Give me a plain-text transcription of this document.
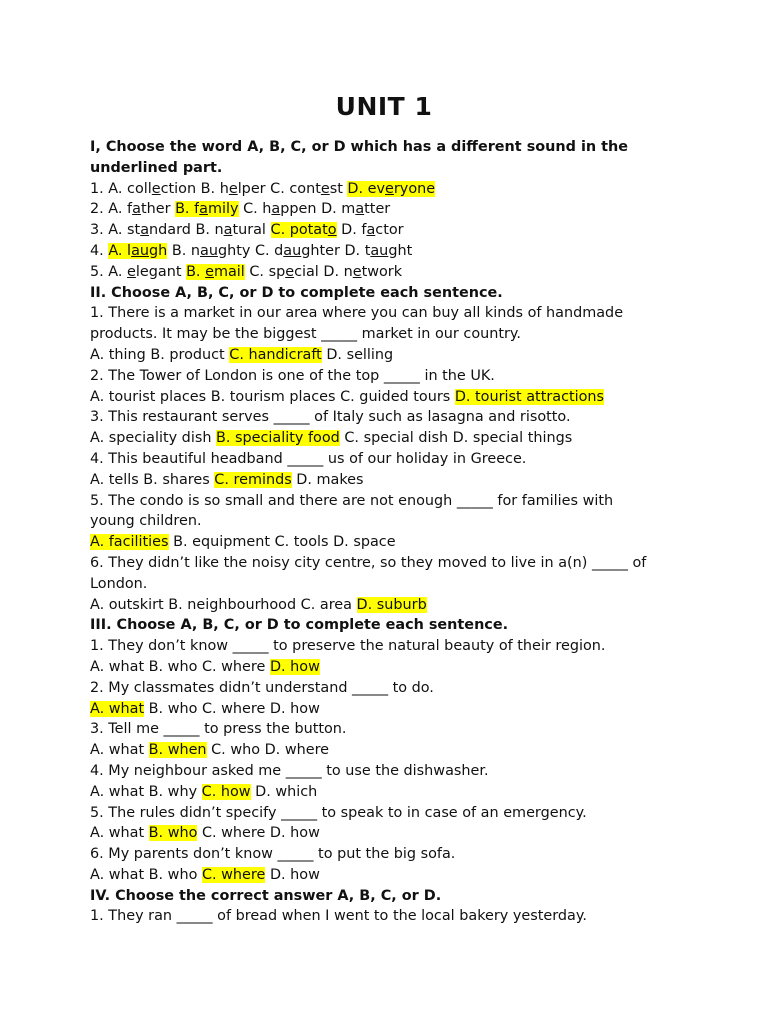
UNIT 1
I, Choose the word A, B, C, or D which has a different sound in the
underlined part.
1. A. collection B. helper C. contest D. everyone
2. A. father B. family C. happen D. matter
3. A. standard B. natural C. potato D. factor
4. A. laugh B. naughty C. daughter D. taught
5. A. elegant B. email C. special D. network
II. Choose A, B, C, or D to complete each sentence.
1. There is a market in our area where you can buy all kinds of handmade
products. It may be the biggest _____ market in our country.
A. thing B. product C. handicraft D. selling
2. The Tower of London is one of the top _____ in the UK.
A. tourist places B. tourism places C. guided tours D. tourist attractions
3. This restaurant serves _____ of Italy such as lasagna and risotto.
A. speciality dish B. speciality food C. special dish D. special things
4. This beautiful headband _____ us of our holiday in Greece.
A. tells B. shares C. reminds D. makes
5. The condo is so small and there are not enough _____ for families with
young children.
A. facilities B. equipment C. tools D. space
6. They didn’t like the noisy city centre, so they moved to live in a(n) _____ of
London.
A. outskirt B. neighbourhood C. area D. suburb
III. Choose A, B, C, or D to complete each sentence.
1. They don’t know _____ to preserve the natural beauty of their region.
A. what B. who C. where D. how
2. My classmates didn’t understand _____ to do.
A. what B. who C. where D. how
3. Tell me _____ to press the button.
A. what B. when C. who D. where
4. My neighbour asked me _____ to use the dishwasher.
A. what B. why C. how D. which
5. The rules didn’t specify _____ to speak to in case of an emergency.
A. what B. who C. where D. how
6. My parents don’t know _____ to put the big sofa.
A. what B. who C. where D. how
IV. Choose the correct answer A, B, C, or D.
1. They ran _____ of bread when I went to the local bakery yesterday.
